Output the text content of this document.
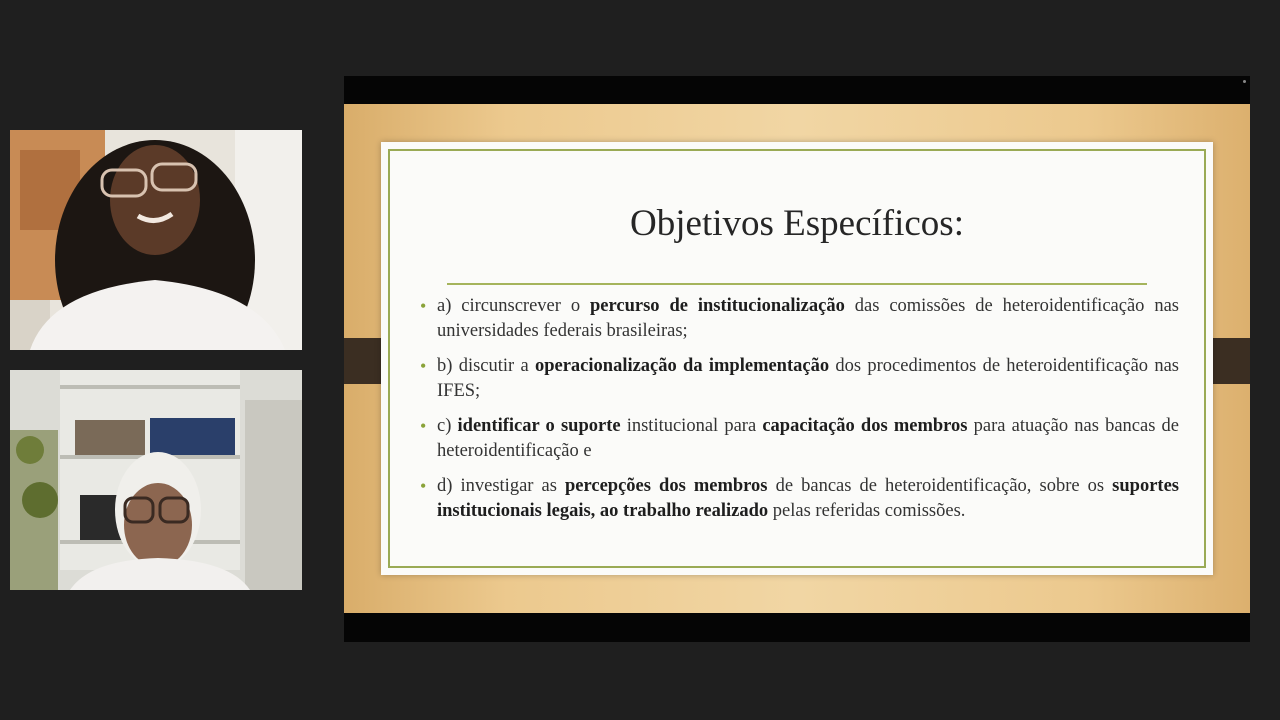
Objetivos Específicos:
• a) circunscrever o percurso de institucionalização das comissões de heteroidentificação nas universidades federais brasileiras;
• b) discutir a operacionalização da implementação dos procedimentos de heteroidentificação nas IFES;
• c) identificar o suporte institucional para capacitação dos membros para atuação nas bancas de heteroidentificação e
• d) investigar as percepções dos membros de bancas de heteroidentificação, sobre os suportes institucionais legais, ao trabalho realizado pelas referidas comissões.
